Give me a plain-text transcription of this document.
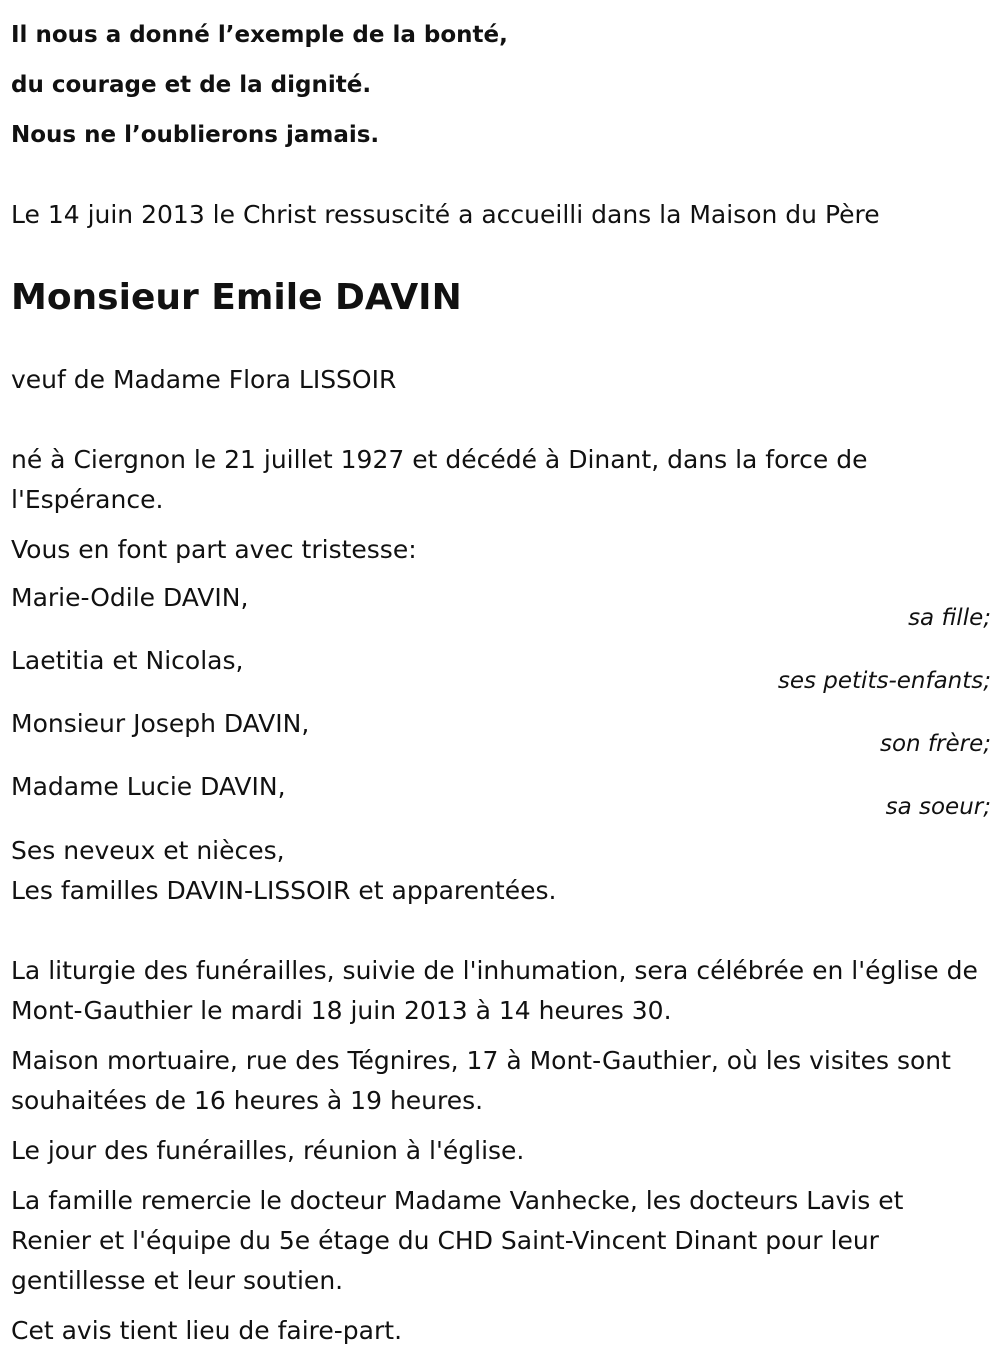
Il nous a donné l’exemple de la bonté,
du courage et de la dignité.
Nous ne l’oublierons jamais.

Le 14 juin 2013 le Christ ressuscité a accueilli dans la Maison du Père

Monsieur Emile DAVIN

veuf de Madame Flora LISSOIR

né à Ciergnon le 21 juillet 1927 et décédé à Dinant, dans la force de l'Espérance.

Vous en font part avec tristesse:

Marie-Odile DAVIN,
sa fille;
Laetitia et Nicolas,
ses petits-enfants;
Monsieur Joseph DAVIN,
son frère;
Madame Lucie DAVIN,
sa soeur;
Ses neveux et nièces,
Les familles DAVIN-LISSOIR et apparentées.

La liturgie des funérailles, suivie de l'inhumation, sera célébrée en l'église de Mont-Gauthier le mardi 18 juin 2013 à 14 heures 30.

Maison mortuaire, rue des Tégnires, 17 à Mont-Gauthier, où les visites sont souhaitées de 16 heures à 19 heures.

Le jour des funérailles, réunion à l'église.

La famille remercie le docteur Madame Vanhecke, les docteurs Lavis et Renier et l'équipe du 5e étage du CHD Saint-Vincent Dinant pour leur gentillesse et leur soutien.

Cet avis tient lieu de faire-part.
